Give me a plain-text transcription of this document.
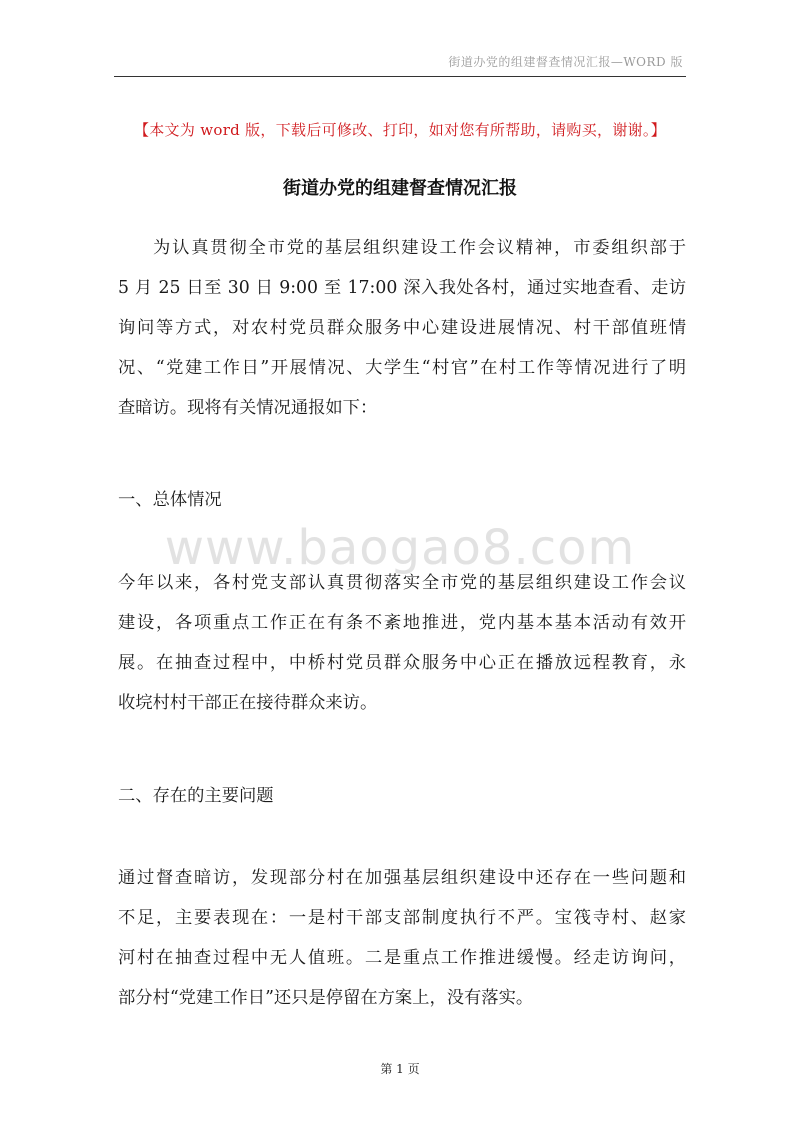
街道办党的组建督查情况汇报—WORD 版
【本文为 word 版，下载后可修改、打印，如对您有所帮助，请购买，谢谢。】
街道办党的组建督查情况汇报
为认真贯彻全市党的基层组织建设工作会议精神，市委组织部于
5 月 25 日至 30 日 9:00 至 17:00 深入我处各村，通过实地查看、走访
询问等方式，对农村党员群众服务中心建设进展情况、村干部值班情
况、“党建工作日”开展情况、大学生“村官”在村工作等情况进行了明
查暗访。现将有关情况通报如下：
一、总体情况
www.baogao8.com
今年以来，各村党支部认真贯彻落实全市党的基层组织建设工作会议
建设，各项重点工作正在有条不紊地推进，党内基本基本活动有效开
展。在抽查过程中，中桥村党员群众服务中心正在播放远程教育，永
收垸村村干部正在接待群众来访。
二、存在的主要问题
通过督查暗访，发现部分村在加强基层组织建设中还存在一些问题和
不足，主要表现在：一是村干部支部制度执行不严。宝筏寺村、赵家
河村在抽查过程中无人值班。二是重点工作推进缓慢。经走访询问，
部分村“党建工作日”还只是停留在方案上，没有落实。
第 1 页
